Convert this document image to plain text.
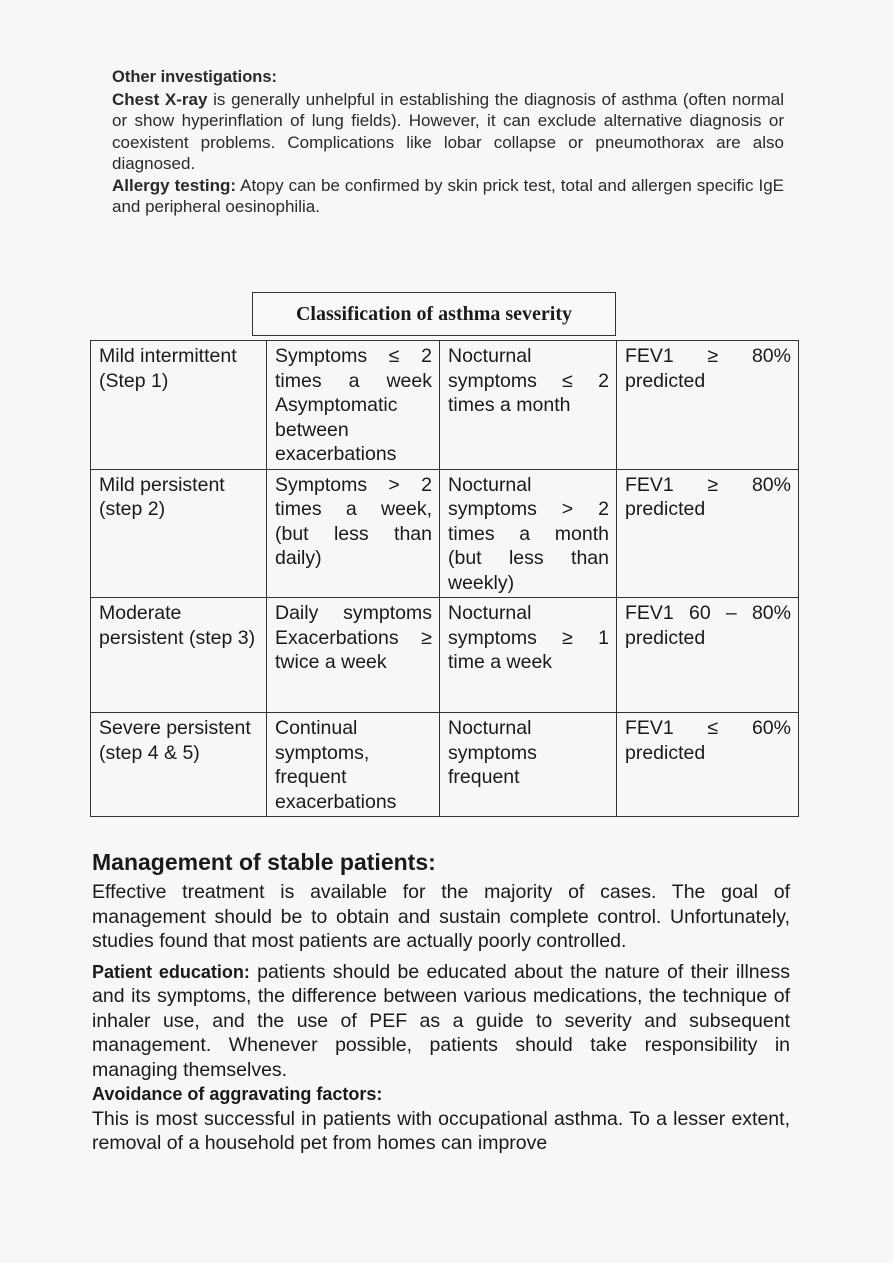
Other investigations:

Chest X-ray is generally unhelpful in establishing the diagnosis of asthma (often normal or show hyperinflation of lung fields). However, it can exclude alternative diagnosis or coexistent problems. Complications like lobar collapse or pneumothorax are also diagnosed.

Allergy testing: Atopy can be confirmed by skin prick test, total and allergen specific IgE and peripheral oesinophilia.

Classification of asthma severity
Mild intermittent (Step 1)	Symptoms ≤ 2 times a week Asymptomatic between exacerbations	Nocturnal symptoms ≤ 2 times a month	FEV1 ≥ 80% predicted
Mild persistent (step 2)	Symptoms > 2 times a week, (but less than daily)	Nocturnal symptoms > 2 times a month (but less than weekly)	FEV1 ≥ 80% predicted
Moderate persistent (step 3)	Daily symptoms Exacerbations ≥ twice a week	Nocturnal symptoms ≥ 1 time a week	FEV1 60 – 80% predicted
Severe persistent (step 4 & 5)	Continual symptoms, frequent exacerbations	Nocturnal symptoms frequent	FEV1 ≤ 60% predicted
Management of stable patients:

Effective treatment is available for the majority of cases. The goal of management should be to obtain and sustain complete control. Unfortunately, studies found that most patients are actually poorly controlled.

Patient education: patients should be educated about the nature of their illness and its symptoms, the difference between various medications, the technique of inhaler use, and the use of PEF as a guide to severity and subsequent management. Whenever possible, patients should take responsibility in managing themselves.

Avoidance of aggravating factors:

This is most successful in patients with occupational asthma. To a lesser extent, removal of a household pet from homes can improve
